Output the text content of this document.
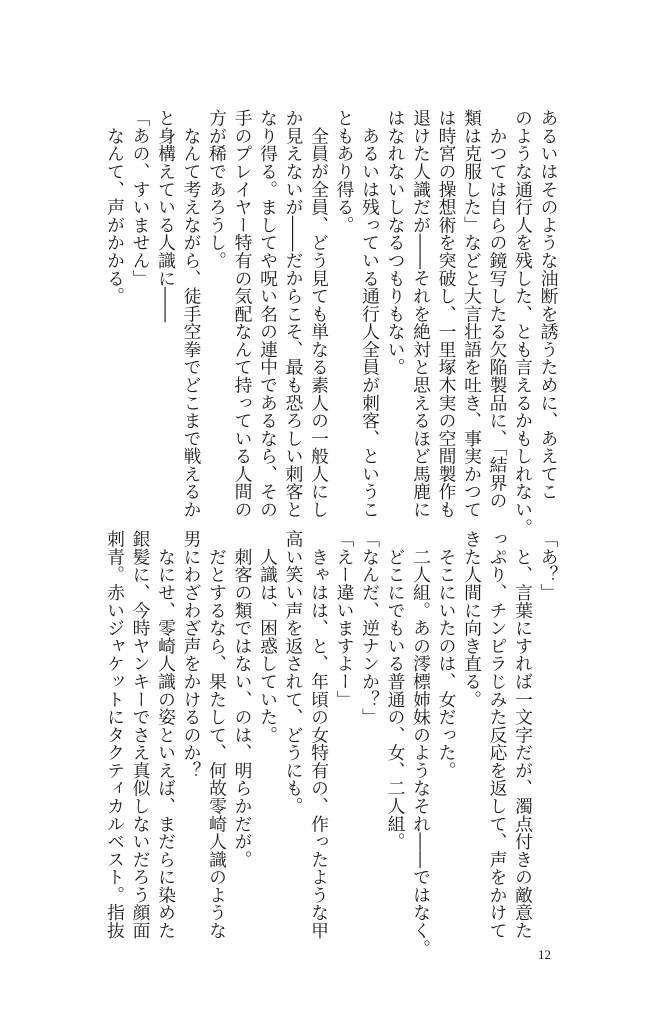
あるいはそのような油断を誘うために、あえてこ
のような通行人を残した、とも言えるかもしれない。
　かつては自らの鏡写したる欠陥製品に、「結界の
類は克服した」などと大言壮語を吐き、事実かつて
は時宮の操想術を突破し、一里塚木実の空間製作も
退けた人識だが――それを絶対と思えるほど馬鹿に
はなれないしなるつもりもない。
　あるいは残っている通行人全員が刺客、というこ
ともあり得る。
　全員が全員、どう見ても単なる素人の一般人にし
か見えないが――だからこそ、最も恐ろしい刺客と
なり得る。ましてや呪い名の連中であるなら、その
手のプレイヤー特有の気配なんて持っている人間の
方が稀であろうし。
　なんて考えながら、徒手空拳でどこまで戦えるか
と身構えている人識に――
「あの、すいません」
　なんて、声がかかる。
「あ？」
　と、言葉にすれば一文字だが、濁点付きの敵意た
っぷり、チンピラじみた反応を返して、声をかけて
きた人間に向き直る。
　そこにいたのは、女だった。
　二人組。あの澪標姉妹のようなそれ――ではなく。
　どこにでもいる普通の、女、二人組。
「なんだ、逆ナンか？」
「えー違いますよー」
　きゃはは、と、年頃の女特有の、作ったような甲
高い笑い声を返されて、どうにも。
　人識は、困惑していた。
　刺客の類ではない、のは、明らかだが。
　だとするなら、果たして、何故零崎人識のような
男にわざわざ声をかけるのか？
　なにせ、零崎人識の姿といえば、まだらに染めた
銀髪に、今時ヤンキーでさえ真似しないだろう顔面
刺青。赤いジャケットにタクティカルベスト。指抜
12
